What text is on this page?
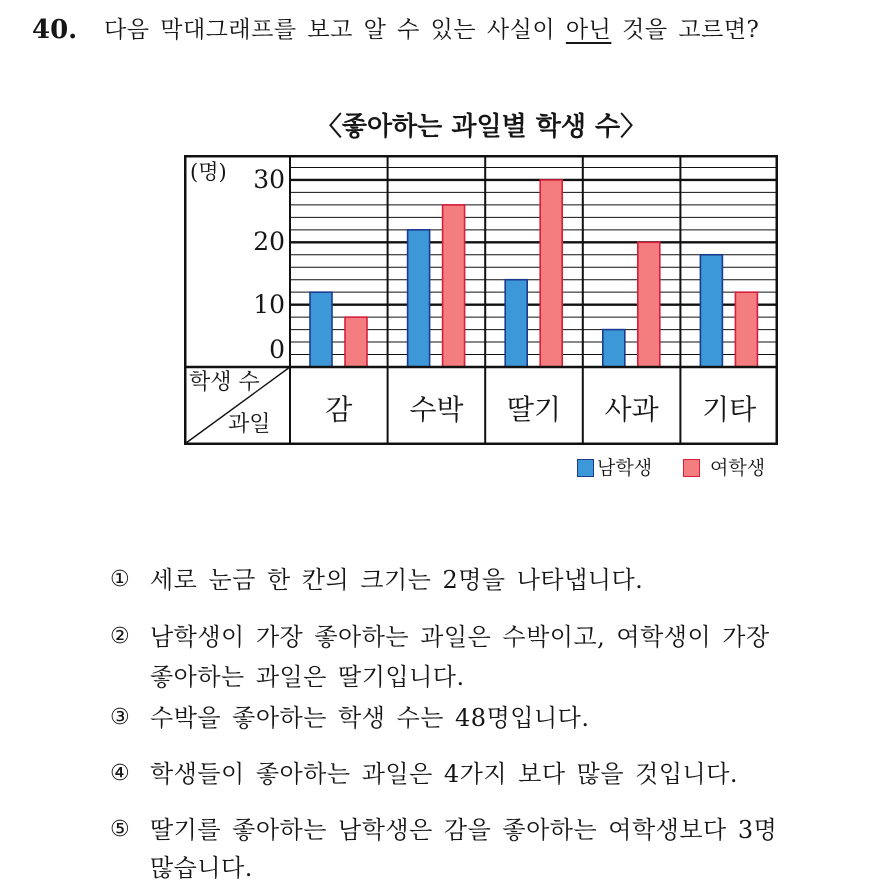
40. 다음 막대그래프를 보고 알 수 있는 사실이 아닌 것을 고르면?
〈좋아하는 과일별 학생 수〉
(명)	30
20
10
0
학생 수
과일	감	수박	딸기	사과	기타
남학생	여학생
① 세로 눈금 한 칸의 크기는 2명을 나타냅니다.
② 남학생이 가장 좋아하는 과일은 수박이고, 여학생이 가장
좋아하는 과일은 딸기입니다.
③ 수박을 좋아하는 학생 수는 48명입니다.
④ 학생들이 좋아하는 과일은 4가지 보다 많을 것입니다.
⑤ 딸기를 좋아하는 남학생은 감을 좋아하는 여학생보다 3명
많습니다.
